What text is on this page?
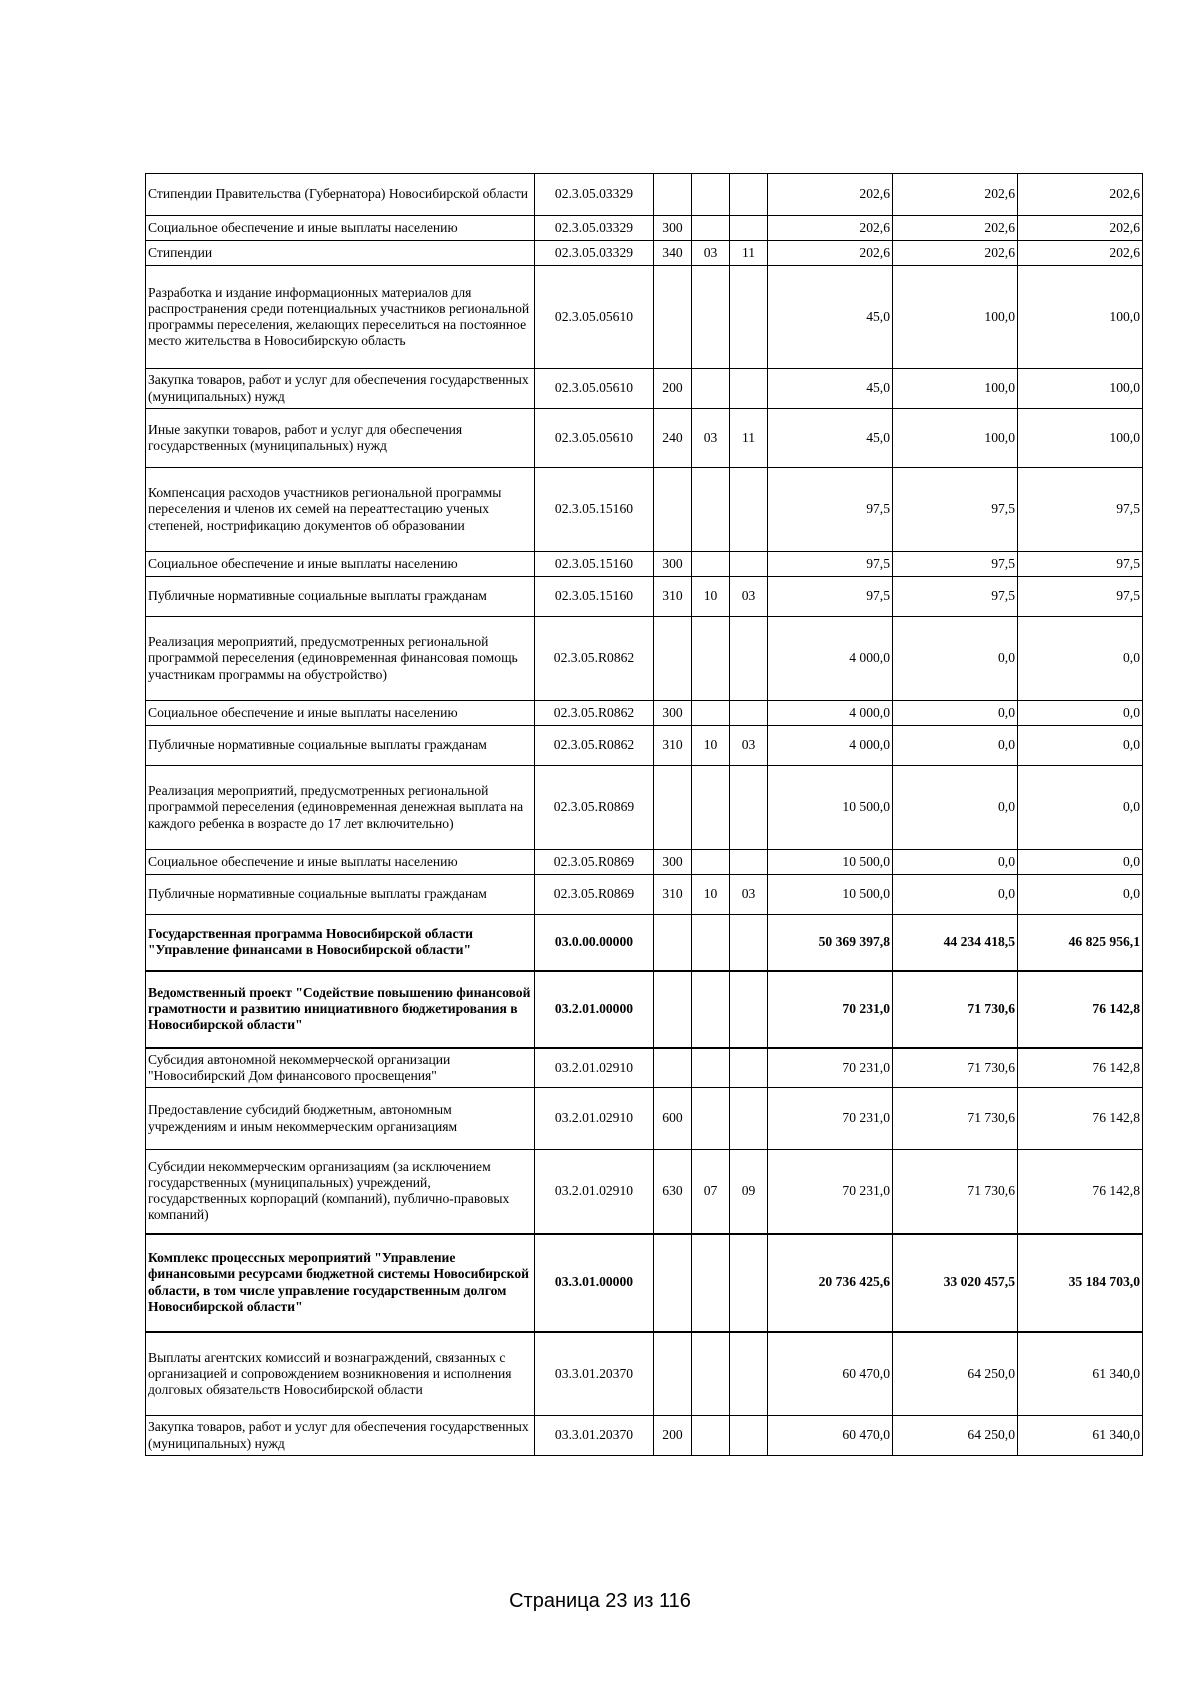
Стипендии Правительства (Губернатора) Новосибирской области	02.3.05.03329				202,6	202,6	202,6
Социальное обеспечение и иные выплаты населению	02.3.05.03329	300			202,6	202,6	202,6
Стипендии	02.3.05.03329	340	03	11	202,6	202,6	202,6
Разработка и издание информационных материалов для распространения среди потенциальных участников региональной программы переселения, желающих переселиться на постоянное место жительства в Новосибирскую область	02.3.05.05610				45,0	100,0	100,0
Закупка товаров, работ и услуг для обеспечения государственных (муниципальных) нужд	02.3.05.05610	200			45,0	100,0	100,0
Иные закупки товаров, работ и услуг для обеспечения государственных (муниципальных) нужд	02.3.05.05610	240	03	11	45,0	100,0	100,0
Компенсация расходов участников региональной программы переселения и членов их семей на переаттестацию ученых степеней, нострификацию документов об образовании	02.3.05.15160				97,5	97,5	97,5
Социальное обеспечение и иные выплаты населению	02.3.05.15160	300			97,5	97,5	97,5
Публичные нормативные социальные выплаты гражданам	02.3.05.15160	310	10	03	97,5	97,5	97,5
Реализация мероприятий, предусмотренных региональной программой переселения (единовременная финансовая помощь участникам программы на обустройство)	02.3.05.R0862				4 000,0	0,0	0,0
Социальное обеспечение и иные выплаты населению	02.3.05.R0862	300			4 000,0	0,0	0,0
Публичные нормативные социальные выплаты гражданам	02.3.05.R0862	310	10	03	4 000,0	0,0	0,0
Реализация мероприятий, предусмотренных региональной программой переселения (единовременная денежная выплата на каждого ребенка в возрасте до 17 лет включительно)	02.3.05.R0869				10 500,0	0,0	0,0
Социальное обеспечение и иные выплаты населению	02.3.05.R0869	300			10 500,0	0,0	0,0
Публичные нормативные социальные выплаты гражданам	02.3.05.R0869	310	10	03	10 500,0	0,0	0,0
Государственная программа Новосибирской области "Управление финансами в Новосибирской области"	03.0.00.00000				50 369 397,8	44 234 418,5	46 825 956,1
Ведомственный проект "Содействие повышению финансовой грамотности и развитию инициативного бюджетирования в Новосибирской области"	03.2.01.00000				70 231,0	71 730,6	76 142,8
Субсидия автономной некоммерческой организации "Новосибирский Дом финансового просвещения"	03.2.01.02910				70 231,0	71 730,6	76 142,8
Предоставление субсидий бюджетным, автономным учреждениям и иным некоммерческим организациям	03.2.01.02910	600			70 231,0	71 730,6	76 142,8
Субсидии некоммерческим организациям (за исключением государственных (муниципальных) учреждений, государственных корпораций (компаний), публично-правовых компаний)	03.2.01.02910	630	07	09	70 231,0	71 730,6	76 142,8
Комплекс процессных мероприятий "Управление финансовыми ресурсами бюджетной системы Новосибирской области, в том числе управление государственным долгом Новосибирской области"	03.3.01.00000				20 736 425,6	33 020 457,5	35 184 703,0
Выплаты агентских комиссий и вознаграждений, связанных с организацией и сопровождением возникновения и исполнения долговых обязательств Новосибирской области	03.3.01.20370				60 470,0	64 250,0	61 340,0
Закупка товаров, работ и услуг для обеспечения государственных (муниципальных) нужд	03.3.01.20370	200			60 470,0	64 250,0	61 340,0
Страница 23 из 116
